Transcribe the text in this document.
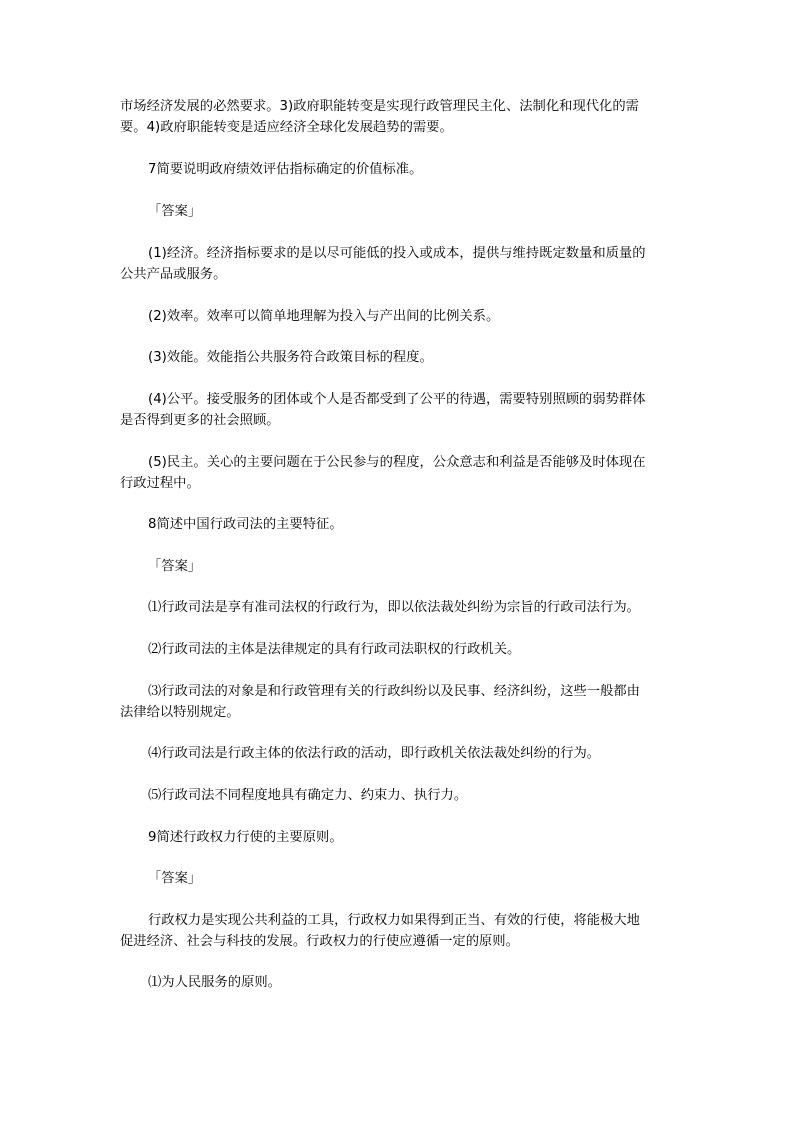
市场经济发展的必然要求。3)政府职能转变是实现行政管理民主化、法制化和现代化的需
要。4)政府职能转变是适应经济全球化发展趋势的需要。
7简要说明政府绩效评估指标确定的价值标准。
「答案」
(1)经济。经济指标要求的是以尽可能低的投入或成本，提供与维持既定数量和质量的
公共产品或服务。
(2)效率。效率可以简单地理解为投入与产出间的比例关系。
(3)效能。效能指公共服务符合政策目标的程度。
(4)公平。接受服务的团体或个人是否都受到了公平的待遇，需要特别照顾的弱势群体
是否得到更多的社会照顾。
(5)民主。关心的主要问题在于公民参与的程度，公众意志和利益是否能够及时体现在
行政过程中。
8简述中国行政司法的主要特征。
「答案」
⑴行政司法是享有准司法权的行政行为，即以依法裁处纠纷为宗旨的行政司法行为。
⑵行政司法的主体是法律规定的具有行政司法职权的行政机关。
⑶行政司法的对象是和行政管理有关的行政纠纷以及民事、经济纠纷，这些一般都由
法律给以特别规定。
⑷行政司法是行政主体的依法行政的活动，即行政机关依法裁处纠纷的行为。
⑸行政司法不同程度地具有确定力、约束力、执行力。
9简述行政权力行使的主要原则。
「答案」
行政权力是实现公共利益的工具，行政权力如果得到正当、有效的行使，将能极大地
促进经济、社会与科技的发展。行政权力的行使应遵循一定的原则。
⑴为人民服务的原则。
